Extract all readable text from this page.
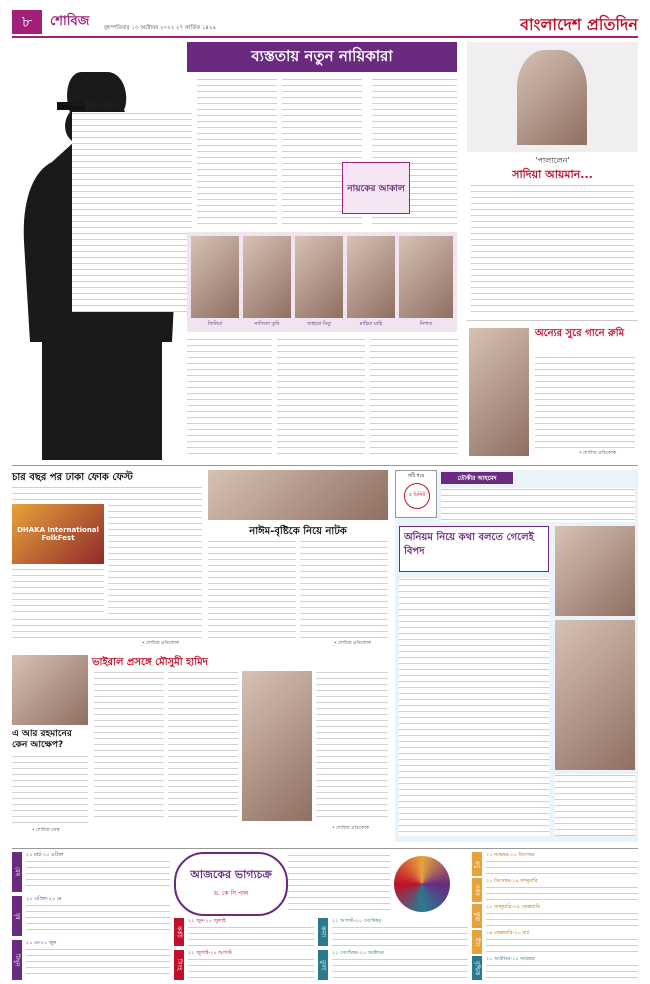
৮	শোবিজ	বৃহস্পতিবার ১৩ অক্টোবর ২০২২ ২৭ কার্তিক ১৪২৯	বাংলাদেশ প্রতিদিন
ব্যস্ততায় নতুন নায়িকারা
আলাউদ্দীন মাজিদ
নায়কের আকাল
জিনিয়া	নাজিফা তুষি	জাহারা মিতু	মাহিয়া মাহি	নিশাত
'পালালেন'
সাদিয়া আয়মান...
অন্যের সুরে গানে রুমি
• শোবিজ প্রতিবেদক
চার বছর পর ঢাকা ফোক ফেস্ট
DHAKA International FolkFest
• শোবিজ প্রতিবেদক
নাঈম-বৃষ্টিকে নিয়ে নাটক
• শোবিজ প্রতিবেদক
ভাইরাল প্রসঙ্গে মৌসুমী হামিদ
এ আর রহমানের কেন আক্ষেপ?
• শোবিজ ডেস্ক	• শোবিজ প্রতিবেদক
খটি ধরে
৫ মিনিট
তৌকীর আহমেদ
অনিয়ম নিয়ে কথা বলতে গেলেই বিপদ
আজকের ভাগ্যচক্র
ড. কে সি পাল
মেষ
২১ মার্চ-২০ এপ্রিল
বৃষ
২১ এপ্রিল-২০ মে
মিথুন
২১ মে-২০ জুন
কর্কট
২১ জুন-২০ জুলাই
সিংহ
২১ জুলাই-২০ আগস্ট
কন্যা
২১ আগস্ট-২০ সেপ্টেম্বর
তুলা
২১ সেপ্টেম্বর-২০ অক্টোবর
ধনু
২১ নভেম্বর-২০ ডিসেম্বর
মকর
২১ ডিসেম্বর-১৯ জানুয়ারি
কুম্ভ
২০ জানুয়ারি-১৮ ফেব্রুয়ারি
মীন
১৯ ফেব্রুয়ারি-২০ মার্চ
বৃশ্চিক
২১ অক্টোবর-২০ নভেম্বর
